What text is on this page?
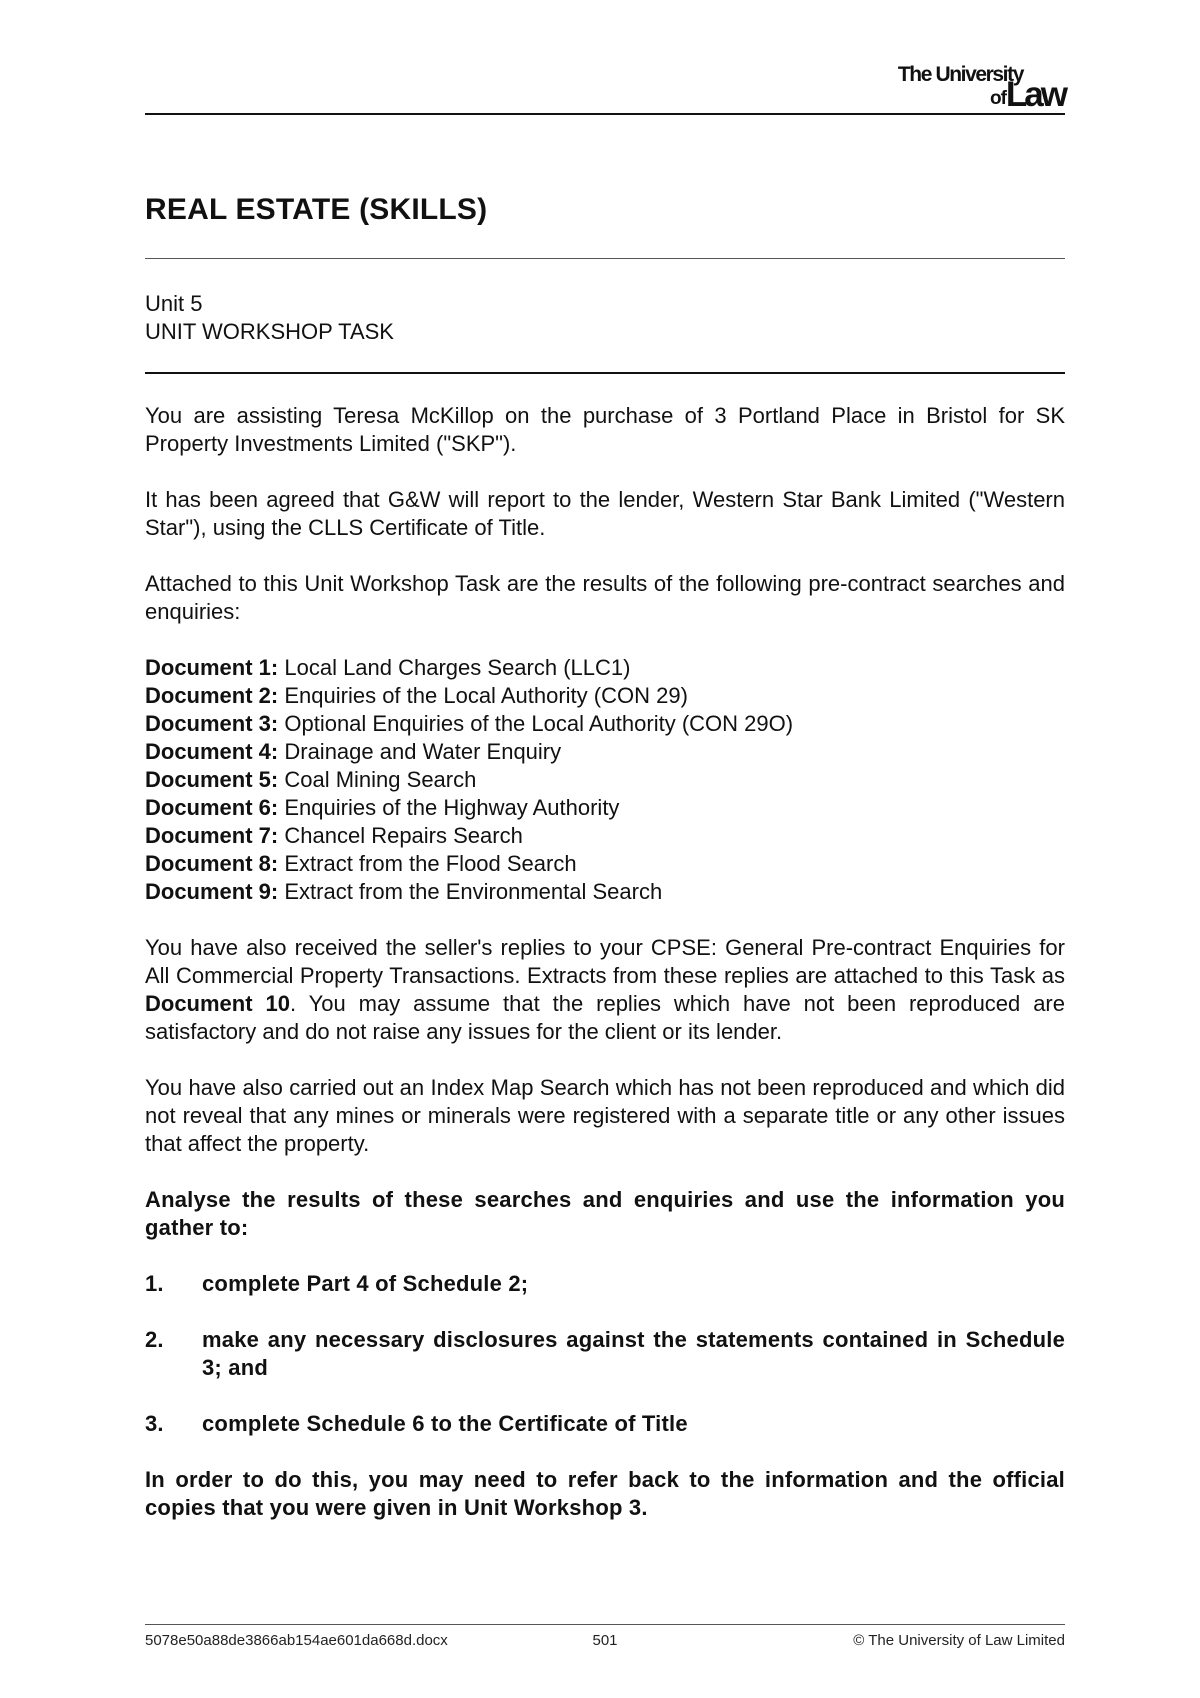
The University
ofLaw
REAL ESTATE (SKILLS)
Unit 5
UNIT WORKSHOP TASK

You are assisting Teresa McKillop on the purchase of 3 Portland Place in Bristol for SK Property Investments Limited ("SKP").

It has been agreed that G&W will report to the lender, Western Star Bank Limited ("Western Star"), using the CLLS Certificate of Title.

Attached to this Unit Workshop Task are the results of the following pre-contract searches and enquiries:

Document 1: Local Land Charges Search (LLC1)
Document 2: Enquiries of the Local Authority (CON 29)
Document 3: Optional Enquiries of the Local Authority (CON 29O)
Document 4: Drainage and Water Enquiry
Document 5: Coal Mining Search
Document 6: Enquiries of the Highway Authority
Document 7: Chancel Repairs Search
Document 8: Extract from the Flood Search
Document 9: Extract from the Environmental Search

You have also received the seller's replies to your CPSE: General Pre-contract Enquiries for All Commercial Property Transactions. Extracts from these replies are attached to this Task as Document 10. You may assume that the replies which have not been reproduced are satisfactory and do not raise any issues for the client or its lender.

You have also carried out an Index Map Search which has not been reproduced and which did not reveal that any mines or minerals were registered with a separate title or any other issues that affect the property.

Analyse the results of these searches and enquiries and use the information you gather to:

1.	complete Part 4 of Schedule 2;
2.	make any necessary disclosures against the statements contained in Schedule 3; and
3.	complete Schedule 6 to the Certificate of Title

In order to do this, you may need to refer back to the information and the official copies that you were given in Unit Workshop 3.

5078e50a88de3866ab154ae601da668d.docx	501	© The University of Law Limited
